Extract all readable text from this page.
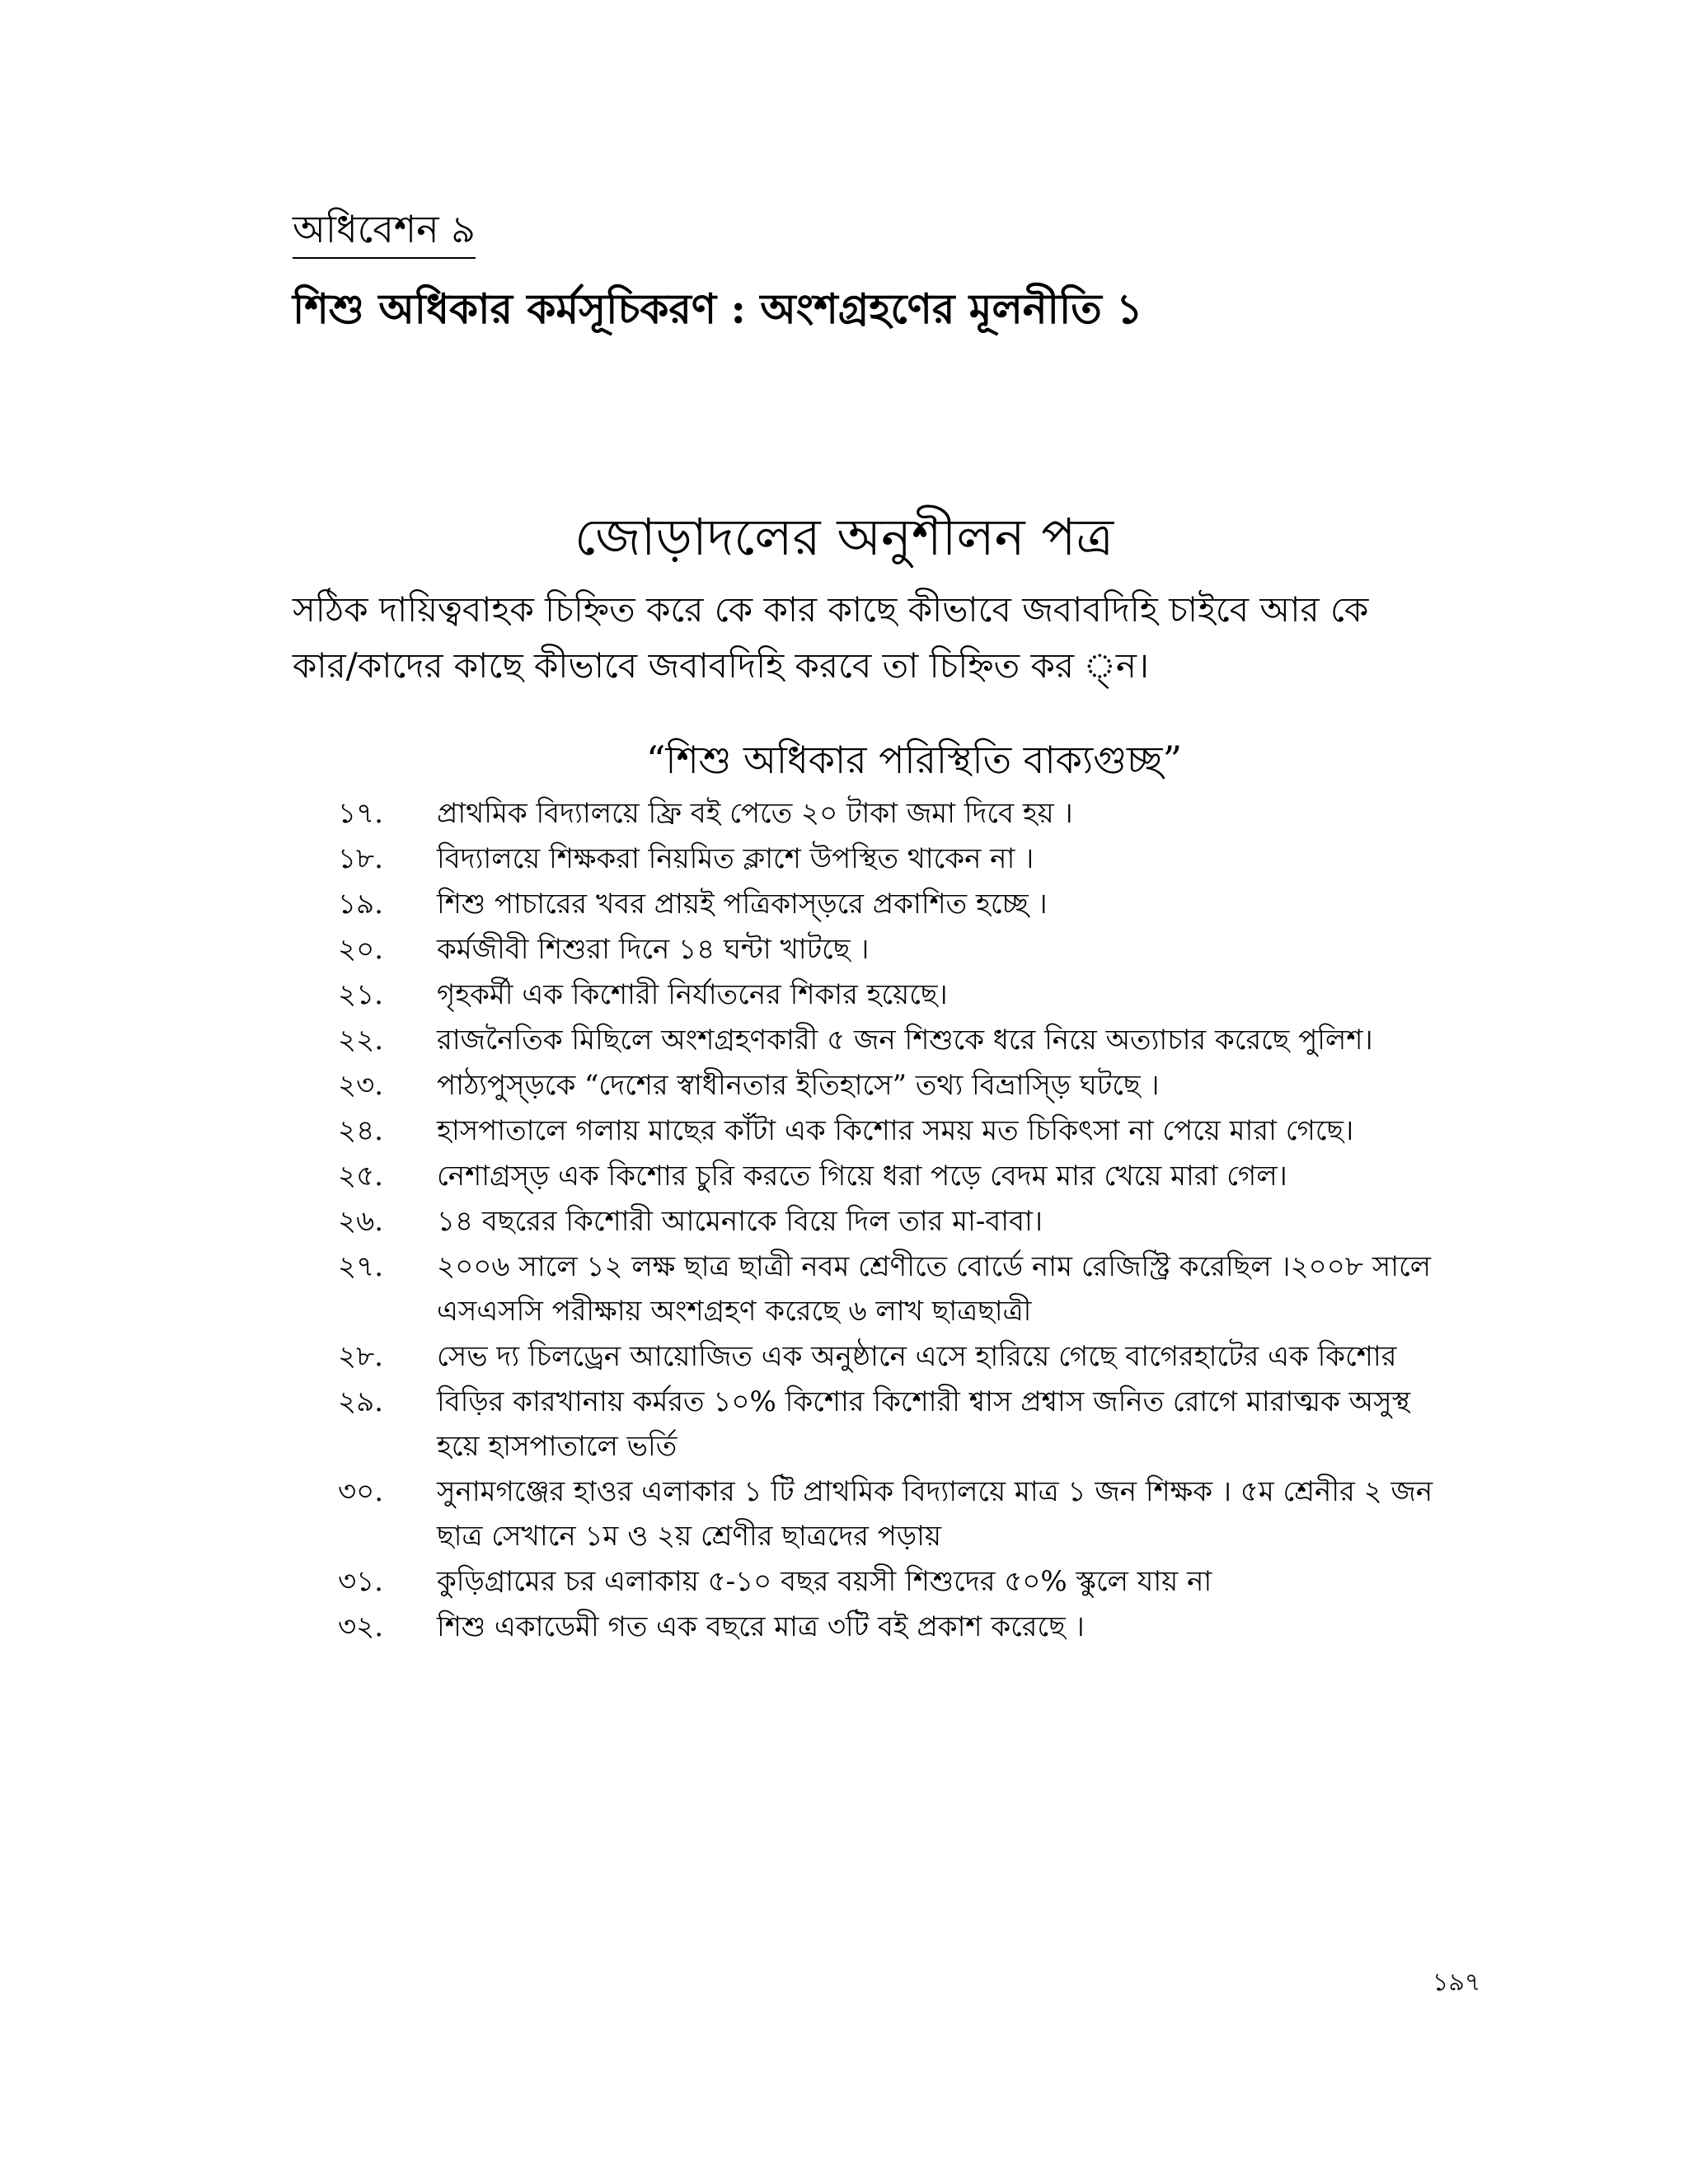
অধিবেশন ৯
শিশু অধিকার কর্মসূচিকরণ : অংশগ্রহণের মূলনীতি ১
জোড়াদলের অনুশীলন পত্র

সঠিক দায়িত্ববাহক চিহ্নিত করে কে কার কাছে কীভাবে জবাবদিহি চাইবে আর কে

কার/কাদের কাছে কীভাবে জবাবদিহি করবে তা চিহ্নিত কর ্ন।

“শিশু অধিকার পরিস্থিতি বাক্যগুচ্ছ”
১৭.	প্রাথমিক বিদ্যালয়ে ফ্রি বই পেতে ২০ টাকা জমা দিবে হয় ।
১৮.	বিদ্যালয়ে শিক্ষকরা নিয়মিত ক্লাশে উপস্থিত থাকেন না ।
১৯.	শিশু পাচারের খবর প্রায়ই পত্রিকাস্ড়রে প্রকাশিত হচ্ছে ।
২০.	কর্মজীবী শিশুরা দিনে ১৪ ঘন্টা খাটছে ।
২১.	গৃহকর্মী এক কিশোরী নির্যাতনের শিকার হয়েছে।
২২.	রাজনৈতিক মিছিলে অংশগ্রহণকারী ৫ জন শিশুকে ধরে নিয়ে অত্যাচার করেছে পুলিশ।
২৩.	পাঠ্যপুস্ড়কে “দেশের স্বাধীনতার ইতিহাসে” তথ্য বিভ্রাস্ড়ি ঘটছে ।
২৪.	হাসপাতালে গলায় মাছের কাঁটা এক কিশোর সময় মত চিকিৎসা না পেয়ে মারা গেছে।
২৫.	নেশাগ্রস্ড় এক কিশোর চুরি করতে গিয়ে ধরা পড়ে বেদম মার খেয়ে মারা গেল।
২৬.	১৪ বছরের কিশোরী আমেনাকে বিয়ে দিল তার মা-বাবা।
২৭.	২০০৬ সালে ১২ লক্ষ ছাত্র ছাত্রী নবম শ্রেণীতে বোর্ডে নাম রেজিস্ট্রি করেছিল ।২০০৮ সালে
এসএসসি পরীক্ষায় অংশগ্রহণ করেছে ৬ লাখ ছাত্রছাত্রী
২৮.	সেভ দ্য চিলড্রেন আয়োজিত এক অনুষ্ঠানে এসে হারিয়ে গেছে বাগেরহাটের এক কিশোর
২৯.	বিড়ির কারখানায় কর্মরত ১০% কিশোর কিশোরী শ্বাস প্রশ্বাস জনিত রোগে মারাত্মক অসুস্থ
হয়ে হাসপাতালে ভর্তি
৩০.	সুনামগঞ্জের হাওর এলাকার ১ টি প্রাথমিক বিদ্যালয়ে মাত্র ১ জন শিক্ষক । ৫ম শ্রেনীর ২ জন
ছাত্র সেখানে ১ম ও ২য় শ্রেণীর ছাত্রদের পড়ায়
৩১.	কুড়িগ্রামের চর এলাকায় ৫-১০ বছর বয়সী শিশুদের ৫০% স্কুলে যায় না
৩২.	শিশু একাডেমী গত এক বছরে মাত্র ৩টি বই প্রকাশ করেছে ।
১৯৭
